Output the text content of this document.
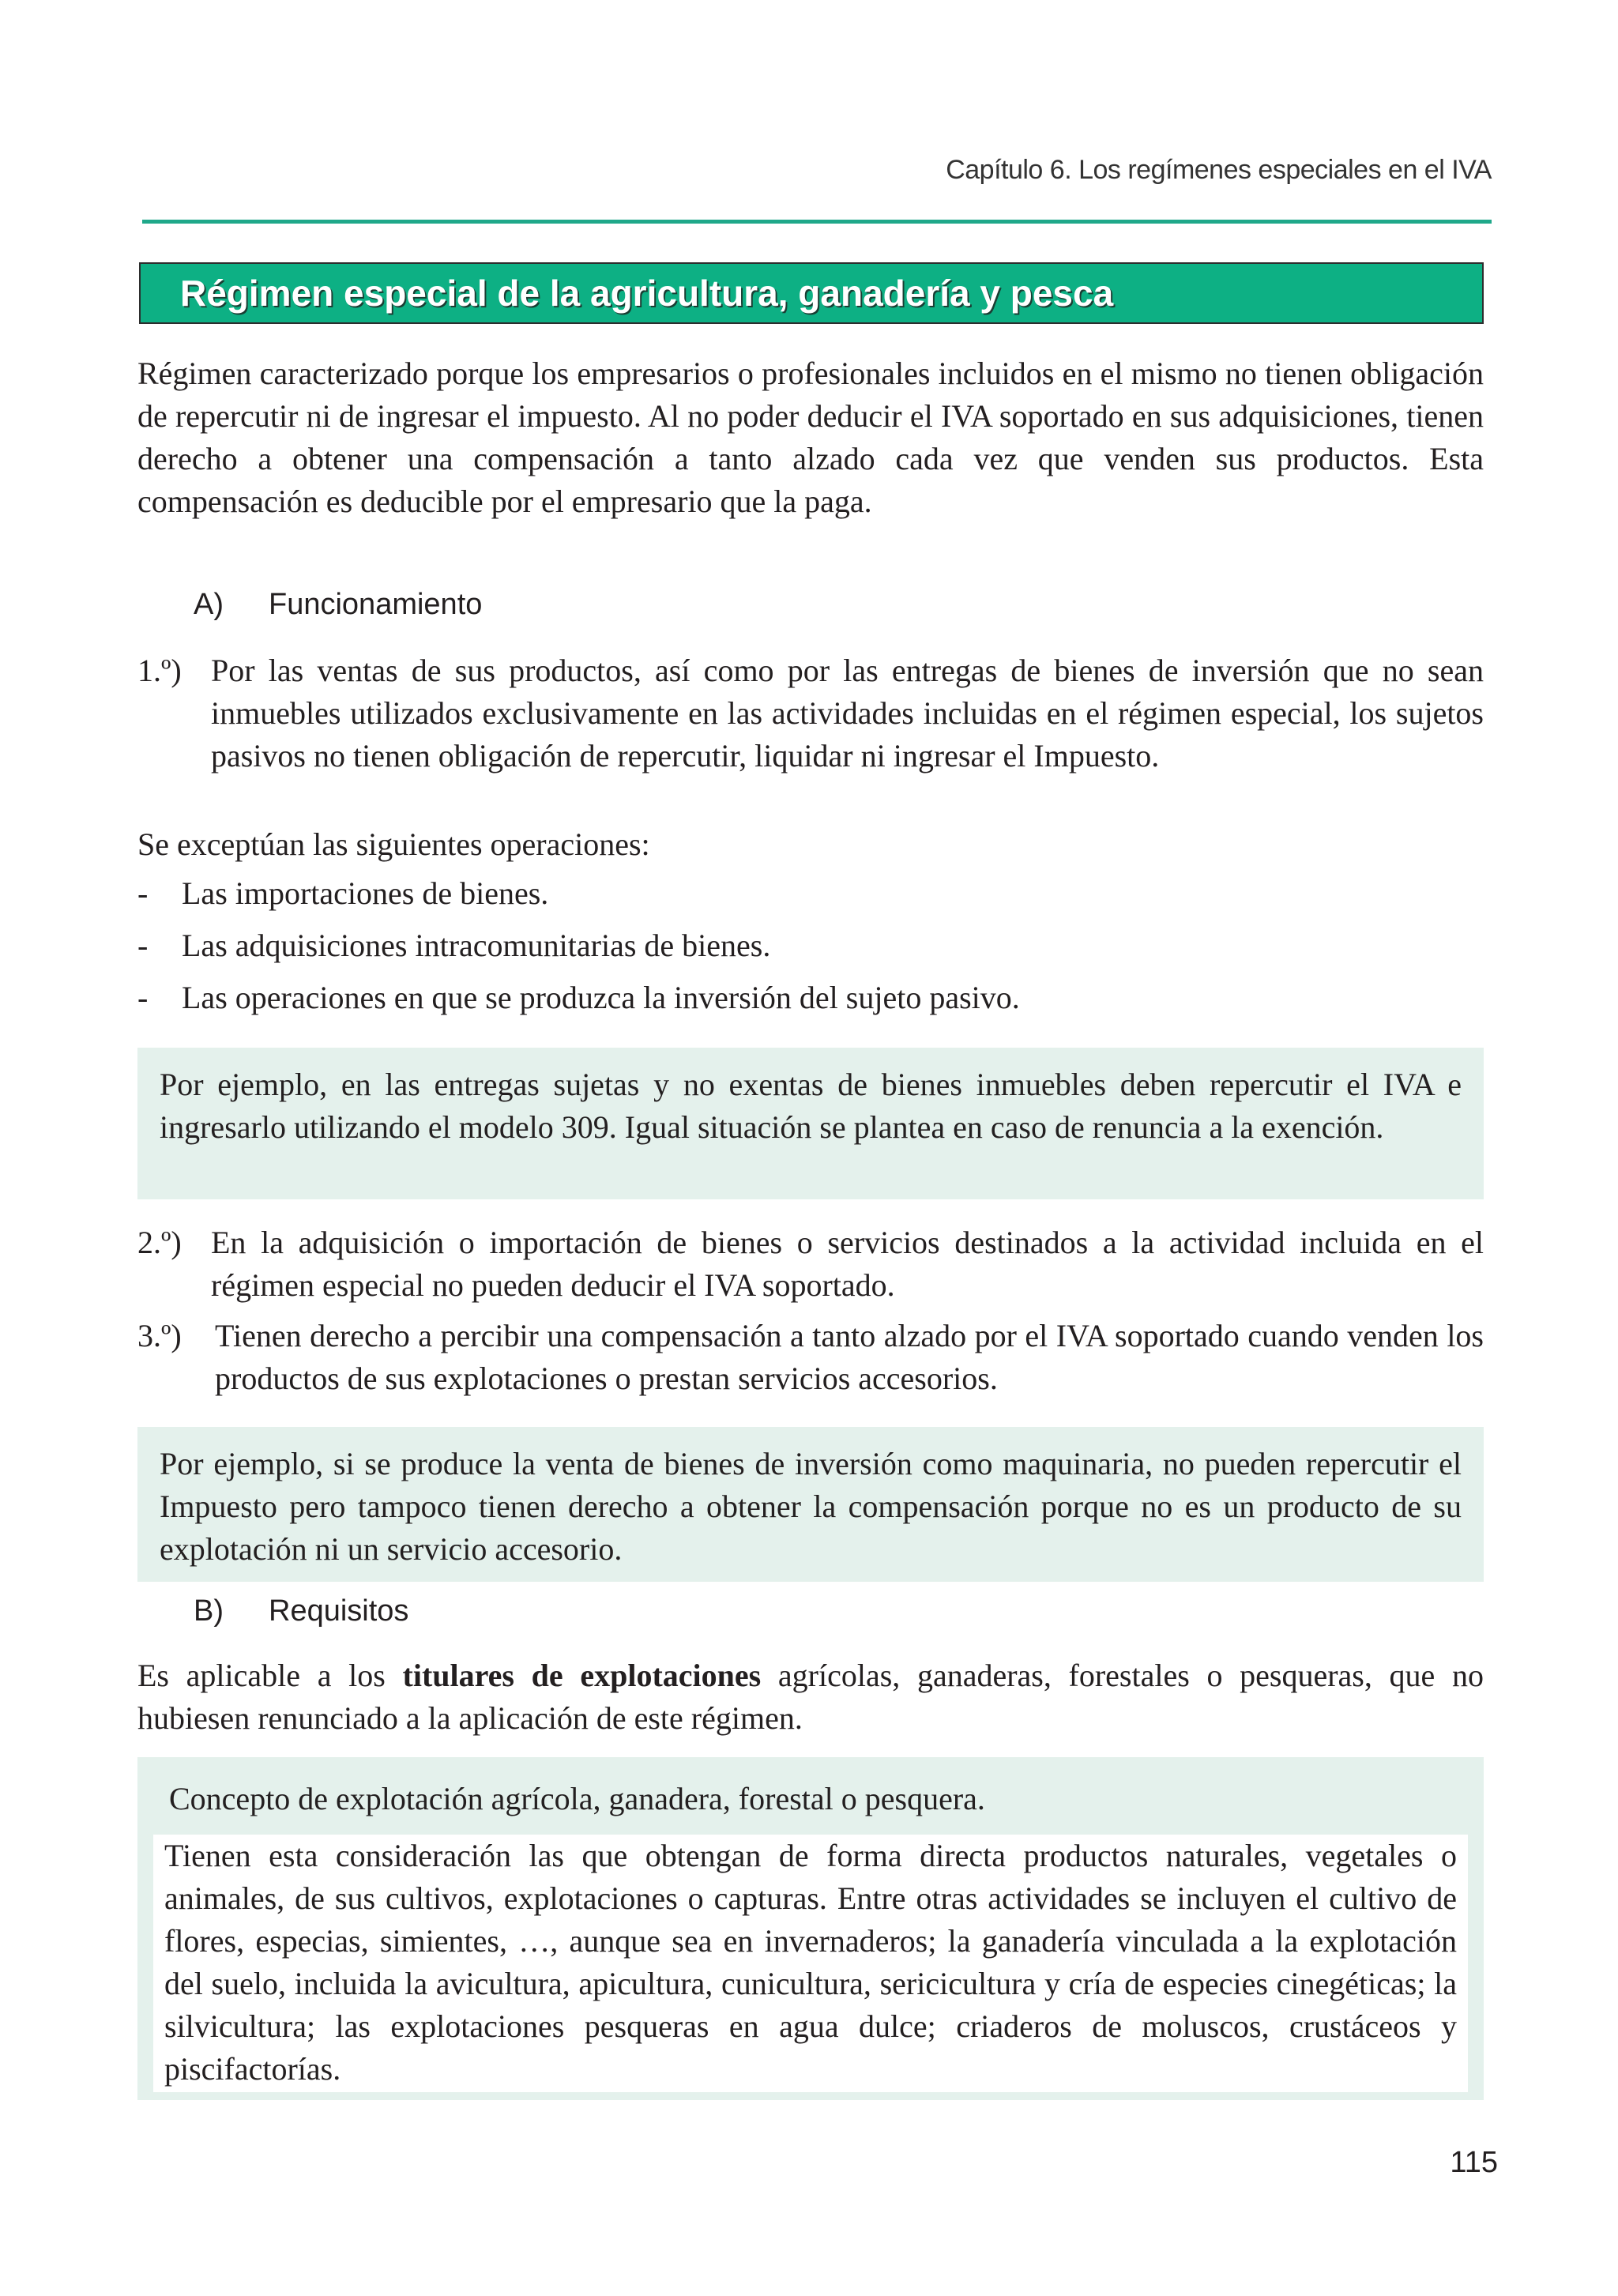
Capítulo 6. Los regímenes especiales en el IVA
Régimen especial de la agricultura, ganadería y pesca

Régimen caracterizado porque los empresarios o profesionales incluidos en el mismo no tienen obligación de repercutir ni de ingresar el impuesto. Al no poder deducir el IVA soportado en sus adquisiciones, tienen derecho a obtener una compensación a tanto alzado cada vez que venden sus productos. Esta compensación es deducible por el empresario que la paga.

A) Funcionamiento
1.º) Por las ventas de sus productos, así como por las entregas de bienes de inversión que no sean inmuebles utilizados exclusivamente en las actividades incluidas en el régimen especial, los sujetos pasivos no tienen obligación de repercutir, liquidar ni ingresar el Impuesto.
Se exceptúan las siguientes operaciones:
- Las importaciones de bienes.
- Las adquisiciones intracomunitarias de bienes.
- Las operaciones en que se produzca la inversión del sujeto pasivo.

Por ejemplo, en las entregas sujetas y no exentas de bienes inmuebles deben repercutir el IVA e ingresarlo utilizando el modelo 309. Igual situación se plantea en caso de renuncia a la exención.

2.º) En la adquisición o importación de bienes o servicios destinados a la actividad incluida en el régimen especial no pueden deducir el IVA soportado.
3.º) Tienen derecho a percibir una compensación a tanto alzado por el IVA soportado cuando venden los productos de sus explotaciones o prestan servicios accesorios.

Por ejemplo, si se produce la venta de bienes de inversión como maquinaria, no pueden repercutir el Impuesto pero tampoco tienen derecho a obtener la compensación porque no es un producto de su explotación ni un servicio accesorio.

B) Requisitos

Es aplicable a los titulares de explotaciones agrícolas, ganaderas, forestales o pesqueras, que no hubiesen renunciado a la aplicación de este régimen.

Concepto de explotación agrícola, ganadera, forestal o pesquera.

Tienen esta consideración las que obtengan de forma directa productos naturales, vegetales o animales, de sus cultivos, explotaciones o capturas. Entre otras actividades se incluyen el cultivo de flores, especias, simientes, …, aunque sea en invernaderos; la ganadería vinculada a la explotación del suelo, incluida la avicultura, apicultura, cunicultura, sericicultura y cría de especies cinegéticas; la silvicultura; las explotaciones pesqueras en agua dulce; criaderos de moluscos, crustáceos y piscifactorías.

115
